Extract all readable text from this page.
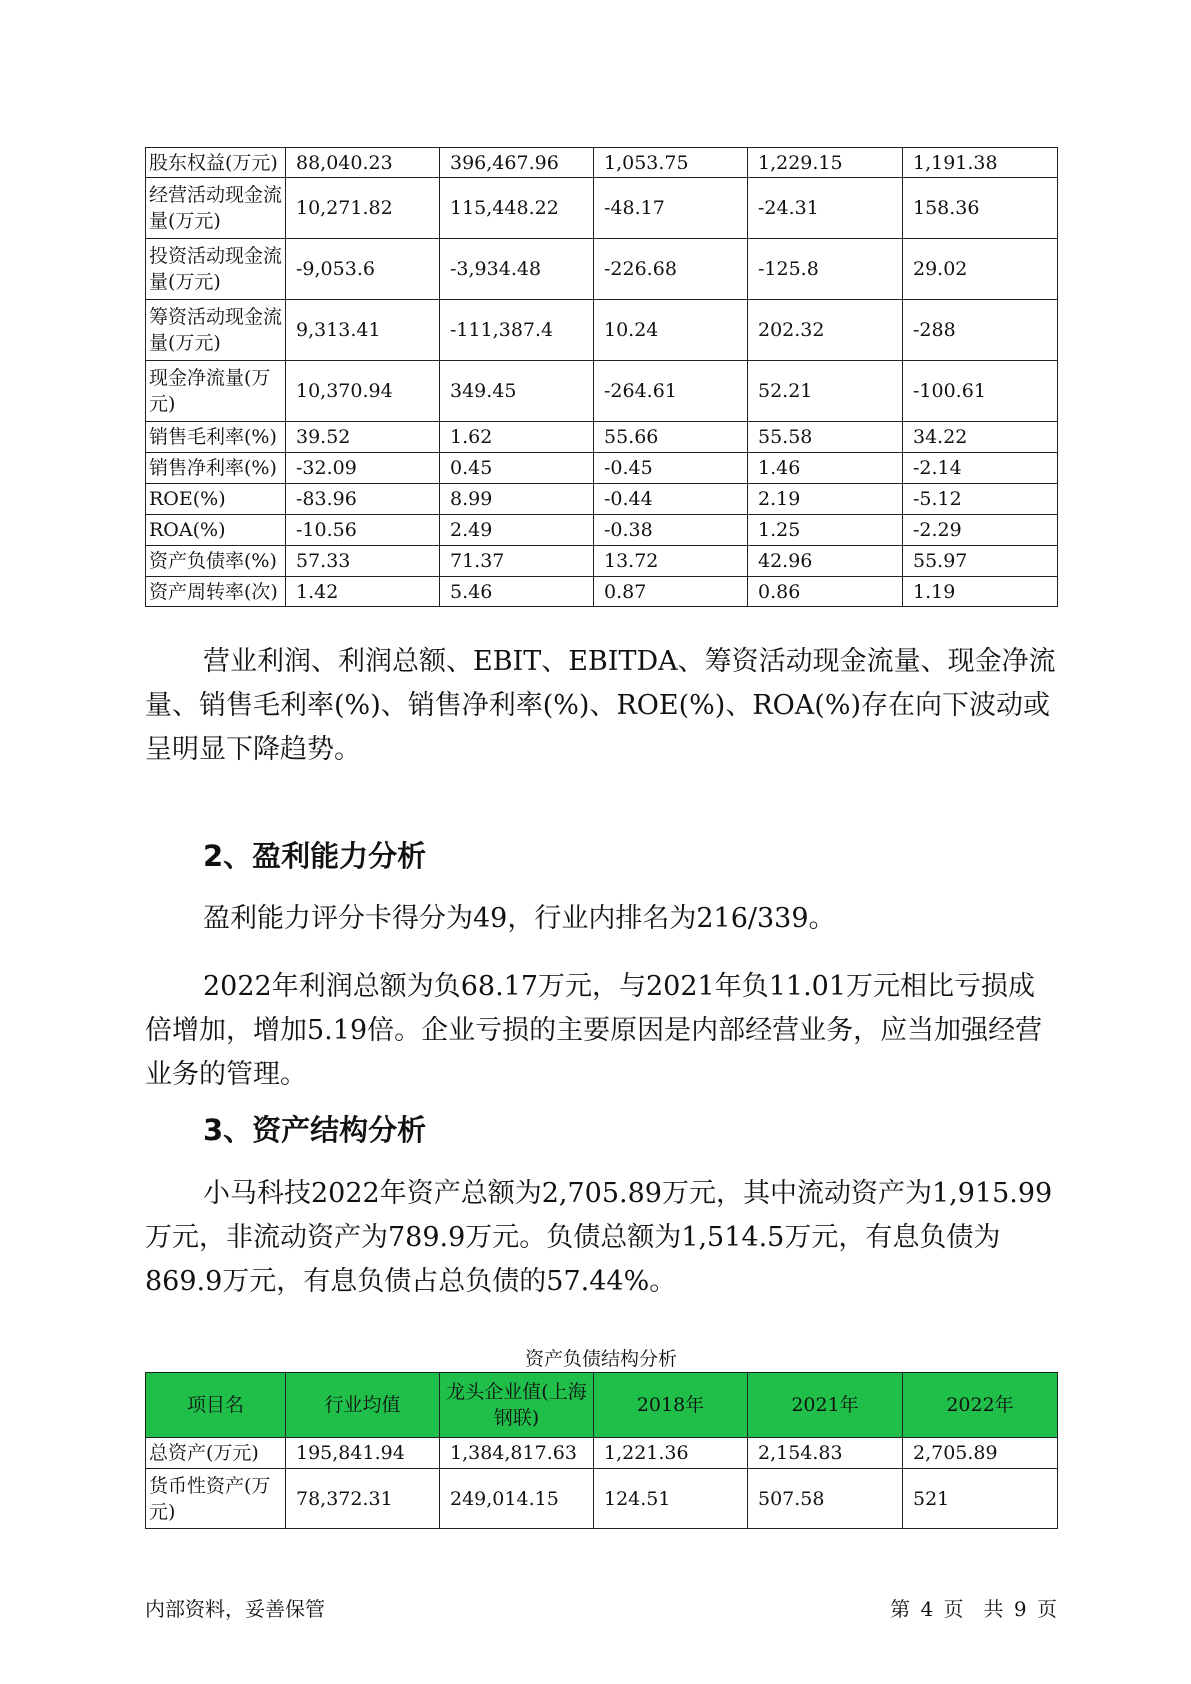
股东权益(万元)	88,040.23	396,467.96	1,053.75	1,229.15	1,191.38
经营活动现金流量(万元)	10,271.82	115,448.22	-48.17	-24.31	158.36
投资活动现金流量(万元)	-9,053.6	-3,934.48	-226.68	-125.8	29.02
筹资活动现金流量(万元)	9,313.41	-111,387.4	10.24	202.32	-288
现金净流量(万元)	10,370.94	349.45	-264.61	52.21	-100.61
销售毛利率(%)	39.52	1.62	55.66	55.58	34.22
销售净利率(%)	-32.09	0.45	-0.45	1.46	-2.14
ROE(%)	-83.96	8.99	-0.44	2.19	-5.12
ROA(%)	-10.56	2.49	-0.38	1.25	-2.29
资产负债率(%)	57.33	71.37	13.72	42.96	55.97
资产周转率(次)	1.42	5.46	0.87	0.86	1.19

营业利润、利润总额、EBIT、EBITDA、筹资活动现金流量、现金净流量、销售毛利率(%)、销售净利率(%)、ROE(%)、ROA(%)存在向下波动或呈明显下降趋势。

2、盈利能力分析

盈利能力评分卡得分为49，行业内排名为216/339。

2022年利润总额为负68.17万元，与2021年负11.01万元相比亏损成倍增加，增加5.19倍。企业亏损的主要原因是内部经营业务，应当加强经营业务的管理。

3、资产结构分析

小马科技2022年资产总额为2,705.89万元，其中流动资产为1,915.99万元，非流动资产为789.9万元。负债总额为1,514.5万元，有息负债为869.9万元，有息负债占总负债的57.44%。

资产负债结构分析

项目名	行业均值	龙头企业值(上海钢联)	2018年	2021年	2022年
总资产(万元)	195,841.94	1,384,817.63	1,221.36	2,154.83	2,705.89
货币性资产(万元)	78,372.31	249,014.15	124.51	507.58	521
内部资料，妥善保管	第 4 页　共 9 页
